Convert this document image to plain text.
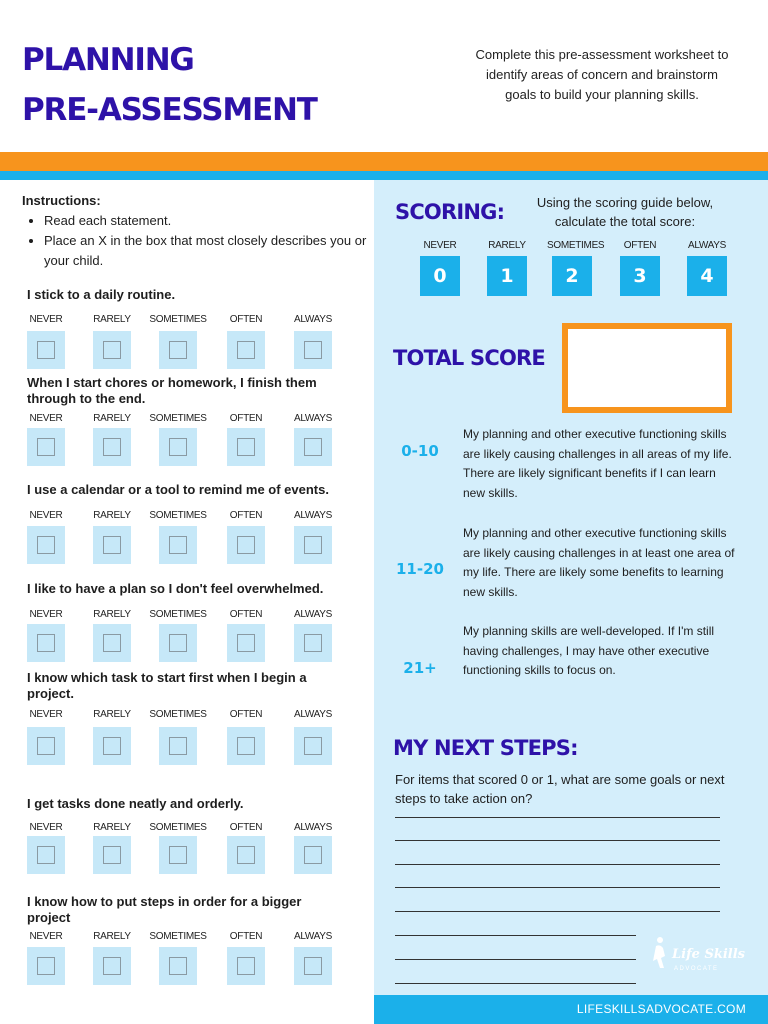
PLANNING
PRE-ASSESSMENT
Complete this pre-assessment worksheet to identify areas of concern and brainstorm goals to build your planning skills.
Instructions:
• Read each statement.
• Place an X in the box that most closely describes you or your child.
I stick to a daily routine.
NEVER	RARELY	SOMETIMES	OFTEN	ALWAYS
When I start chores or homework, I finish them through to the end.
NEVER	RARELY	SOMETIMES	OFTEN	ALWAYS
I use a calendar or a tool to remind me of events.
NEVER	RARELY	SOMETIMES	OFTEN	ALWAYS
I like to have a plan so I don't feel overwhelmed.
NEVER	RARELY	SOMETIMES	OFTEN	ALWAYS
I know which task to start first when I begin a project.
NEVER	RARELY	SOMETIMES	OFTEN	ALWAYS
I get tasks done neatly and orderly.
NEVER	RARELY	SOMETIMES	OFTEN	ALWAYS
I know how to put steps in order for a bigger project
NEVER	RARELY	SOMETIMES	OFTEN	ALWAYS
SCORING:	Using the scoring guide below, calculate the total score:
NEVER
0
RARELY
1
SOMETIMES
2
OFTEN
3
ALWAYS
4
TOTAL SCORE
0-10
My planning and other executive functioning skills are likely causing challenges in all areas of my life. There are likely significant benefits if I can learn new skills.
11-20
My planning and other executive functioning skills are likely causing challenges in at least one area of my life. There are likely some benefits to learning new skills.
21+
My planning skills are well-developed. If I'm still having challenges, I may have other executive functioning skills to focus on.
MY NEXT STEPS:
For items that scored 0 or 1, what are some goals or next steps to take action on?
Life Skills
ADVOCATE
LIFESKILLSADVOCATE.COM
